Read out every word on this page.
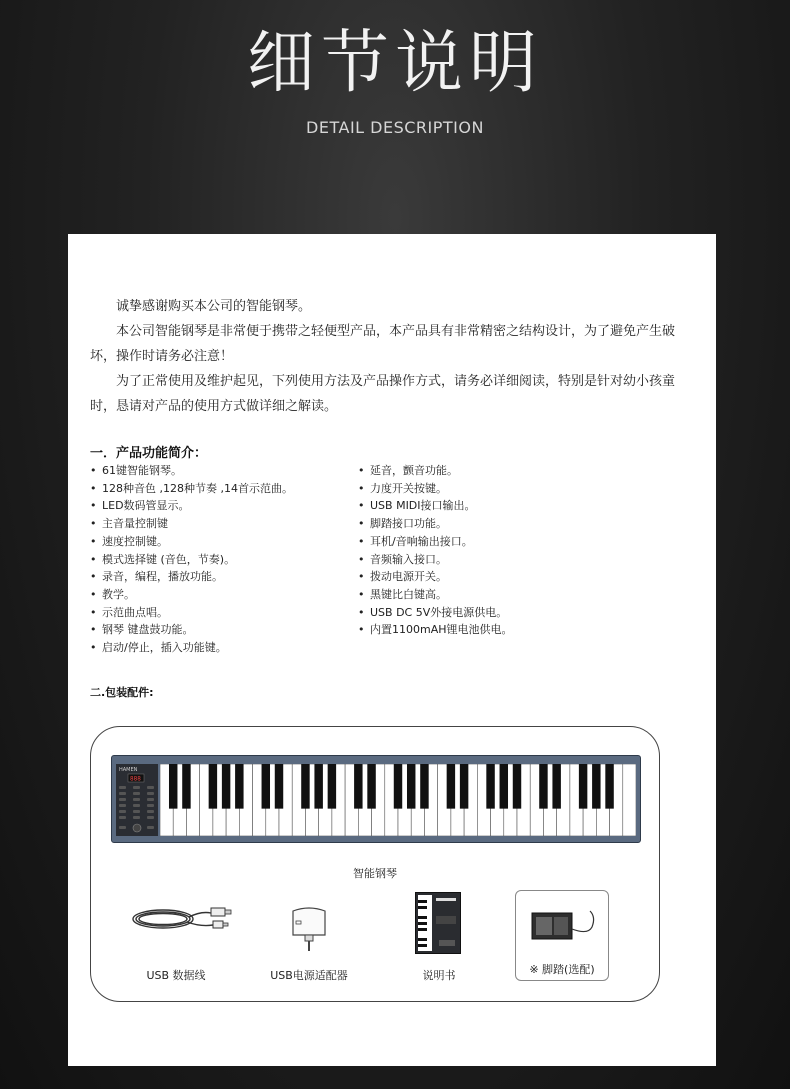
细节说明
DETAIL DESCRIPTION

诚挚感谢购买本公司的智能钢琴。

本公司智能钢琴是非常便于携带之轻便型产品，本产品具有非常精密之结构设计，为了避免产生破坏，操作时请务必注意！

为了正常使用及维护起见，下列使用方法及产品操作方式，请务必详细阅读，特别是针对幼小孩童时，恳请对产品的使用方式做详细之解读。

一．产品功能简介：
• 61键智能钢琴。
• 128种音色 ,128种节奏 ,14首示范曲。
• LED数码管显示。
• 主音量控制键
• 速度控制键。
• 模式选择键 (音色，节奏)。
• 录音，编程，播放功能。
• 教学。
• 示范曲点唱。
• 钢琴 键盘鼓功能。
• 启动/停止，插入功能键。
• 延音，颤音功能。
• 力度开关按键。
• USB MIDI接口输出。
• 脚踏接口功能。
• 耳机/音响输出接口。
• 音频输入接口。
• 拨动电源开关。
• 黑键比白键高。
• USB DC 5V外接电源供电。
• 内置1100mAH锂电池供电。
二.包装配件:
HAMEN
888
智能钢琴
USB 数据线	USB电源适配器	说明书	※ 脚踏(选配)
